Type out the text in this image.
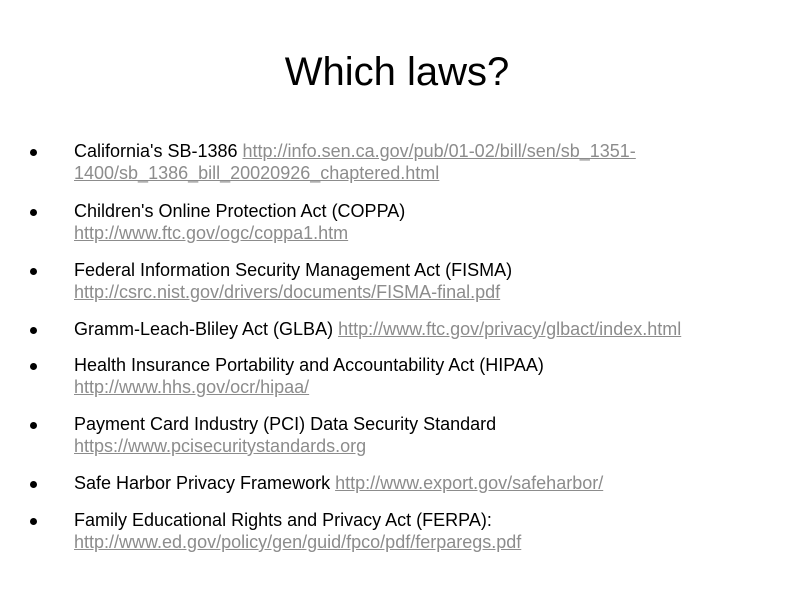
Which laws?
California's SB-1386 http://info.sen.ca.gov/pub/01-02/bill/sen/sb_1351-1400/sb_1386_bill_20020926_chaptered.html
Children's Online Protection Act (COPPA)
http://www.ftc.gov/ogc/coppa1.htm
Federal Information Security Management Act (FISMA)
http://csrc.nist.gov/drivers/documents/FISMA-final.pdf
Gramm-Leach-Bliley Act (GLBA) http://www.ftc.gov/privacy/glbact/index.html
Health Insurance Portability and Accountability Act (HIPAA)
http://www.hhs.gov/ocr/hipaa/
Payment Card Industry (PCI) Data Security Standard
https://www.pcisecuritystandards.org
Safe Harbor Privacy Framework http://www.export.gov/safeharbor/
Family Educational Rights and Privacy Act (FERPA):
http://www.ed.gov/policy/gen/guid/fpco/pdf/ferparegs.pdf
